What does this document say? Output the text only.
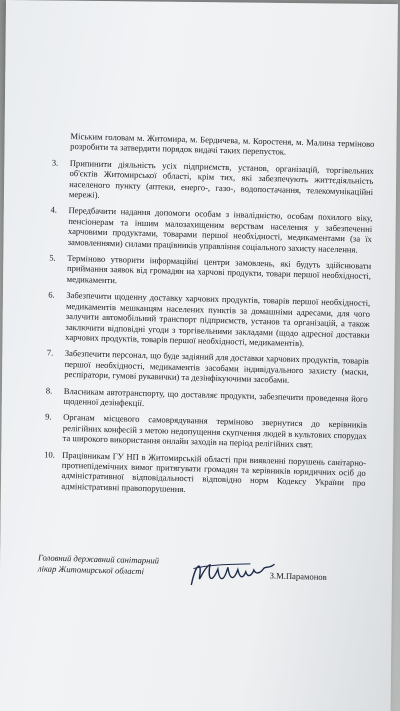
Міським головам м. Житомира, м. Бердичева, м. Коростеня, м. Малина терміново розробити та затвердити порядок видачі таких перепусток.

3.	Припинити діяльність усіх підприємств, установ, організацій, торгівельних об'єктів Житомирської області, крім тих, які забезпечують життєдіяльність населеного пункту (аптеки, енерго-, газо-, водопостачання, телекомунікаційні мережі).
4.	Передбачити надання допомоги особам з інвалідністю, особам похилого віку, пенсіонерам та іншим малозахищеним верствам населення у забезпеченні харчовими продуктами, товарами першої необхідності, медикаментами (за їх замовленнями) силами працівників управління соціального захисту населення.
5.	Терміново утворити інформаційні центри замовлень, які будуть здійснювати приймання заявок від громадян на харчові продукти, товари першої необхідності, медикаменти.
6.	Забезпечити щоденну доставку харчових продуктів, товарів першої необхідності, медикаментів мешканцям населених пунктів за домашніми адресами, для чого залучити автомобільний транспорт підприємств, установ та організацій, а також заключити відповідні угоди з торгівельними закладами (щодо адресної доставки харчових продуктів, товарів першої необхідності, медикаментів).
7.	Забезпечити персонал, що буде задіяний для доставки харчових продуктів, товарів першої необхідності, медикаментів засобами індивідуального захисту (маски, респіратори, гумові рукавички) та дезінфікуючими засобами.
8.	Власникам автотранспорту, що доставляє продукти, забезпечити проведення його щоденної дезінфекції.
9.	Органам місцевого самоврядування терміново звернутися до керівників релігійних конфесій з метою недопущення скупчення людей в культових спорудах та широкого використання онлайн заходів на період релігійних свят.
10. Працівникам ГУ НП в Житомирській області при виявленні порушень санітарно-протиепідемічних вимог притягувати громадян та керівників юридичних осіб до адміністративної відповідальності відповідно норм Кодексу України про адміністративні правопорушення.
Головний державний санітарний
лікар Житомирської області
З.М.Парамонов
